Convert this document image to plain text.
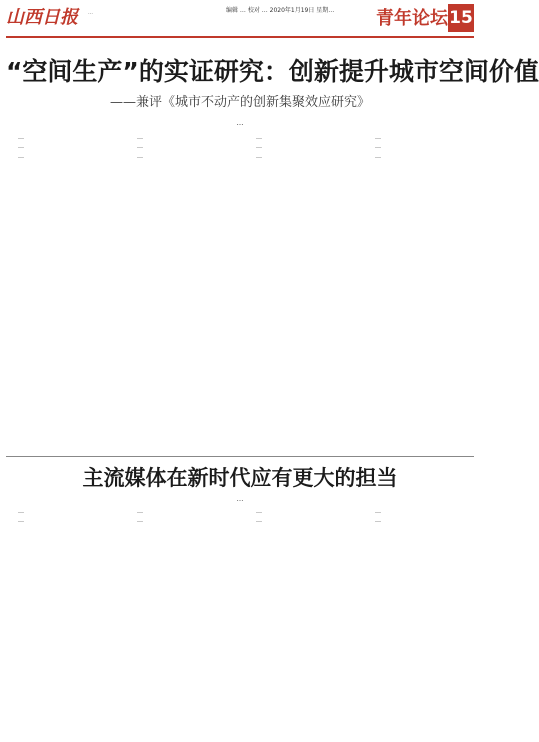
山西日报	…	编辑 … 校对 … 2020年1月19日 星期…	青年论坛 15
“空间生产”的实证研究：创新提升城市空间价值
——兼评《城市不动产的创新集聚效应研究》
…

…

…

…

…

…

…

…

…

…

…

…

…

主流媒体在新时代应有更大的担当
…

…

…

…

…

…

…

…

…
